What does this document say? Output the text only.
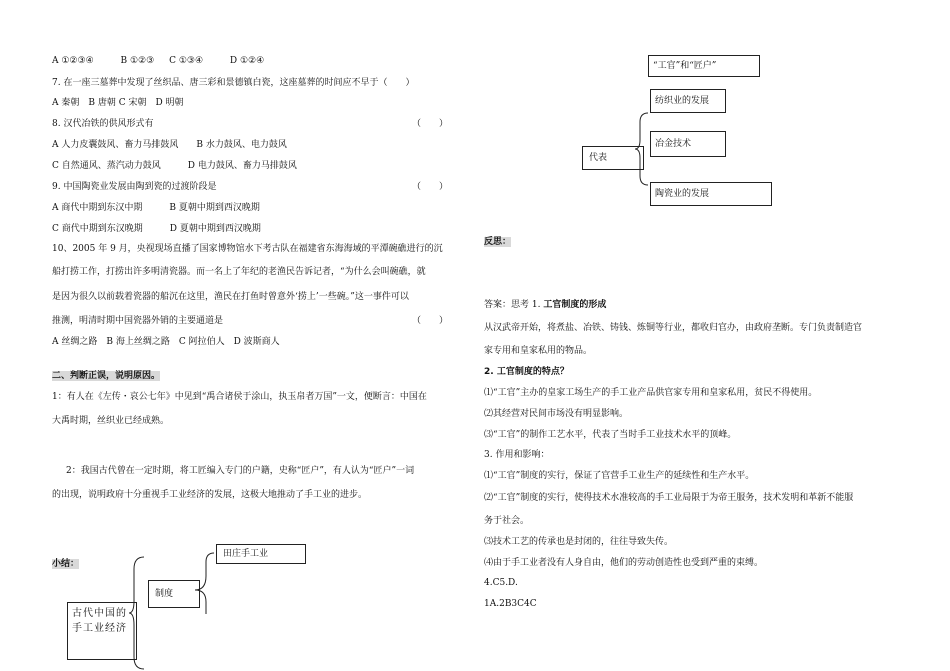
A ①②③④	B ①②③ C ①③④	D ①②④
7. 在一座三墓葬中发现了丝织品、唐三彩和景德镇白瓷，这座墓葬的时间应不早于（　　）
A 秦朝　B 唐朝 C 宋朝　D 明朝
8. 汉代冶铁的供风形式有	（　　）
A 人力皮囊鼓风、畜力马排鼓风　　B 水力鼓风、电力鼓风
C 自然通风、蒸汽动力鼓风　　　D 电力鼓风、畜力马排鼓风
9. 中国陶瓷业发展由陶到瓷的过渡阶段是	（　　）
A 商代中期到东汉中期　　　B 夏朝中期到西汉晚期
C 商代中期到东汉晚期　　　D 夏朝中期到西汉晚期
10、2005 年 9 月，央视现场直播了国家博物馆水下考古队在福建省东海海域的平潭碗礁进行的沉
船打捞工作，打捞出许多明清瓷器。而一名上了年纪的老渔民告诉记者，“为什么会叫碗礁，就
是因为很久以前载着瓷器的船沉在这里，渔民在打鱼时曾意外‘捞上’一些碗。”这一事件可以
推测，明清时期中国瓷器外销的主要通道是	（　　）
A 丝绸之路　B 海上丝绸之路　C 阿拉伯人　D 波斯商人
二、判断正误，说明原因。
1：有人在《左传・哀公七年》中见到“禹合诸侯于涂山，执玉帛者万国”一文，便断言：中国在
大禹时期，丝织业已经成熟。
2：我国古代曾在一定时期，将工匠编入专门的户籍，史称“匠户”，有人认为“匠户”一词
的出现，说明政府十分重视手工业经济的发展，这极大地推动了手工业的进步。
小结：
田庄手工业
制度
古代中国的手工业经济
“工官”和“匠户”
纺织业的发展
冶金技术
陶瓷业的发展
代表
反思：
答案：思考 1. 工官制度的形成
从汉武帝开始，将煮盐、冶铁、铸钱、炼铜等行业，都收归官办，由政府垄断。专门负责制造官
家专用和皇家私用的物品。
2. 工官制度的特点？
⑴“工官”主办的皇家工场生产的手工业产品供官家专用和皇家私用，贫民不得使用。
⑵其经营对民间市场没有明显影响。
⑶“工官”的制作工艺水平，代表了当时手工业技术水平的顶峰。
3. 作用和影响：
⑴“工官”制度的实行，保证了官营手工业生产的延续性和生产水平。
⑵“工官”制度的实行，使得技术水准较高的手工业局限于为帝王服务，技术发明和革新不能服
务于社会。
⑶技术工艺的传承也是封闭的，往往导致失传。
⑷由于手工业者没有人身自由，他们的劳动创造性也受到严重的束缚。
4.C5.D.
1A.2B3C4C
